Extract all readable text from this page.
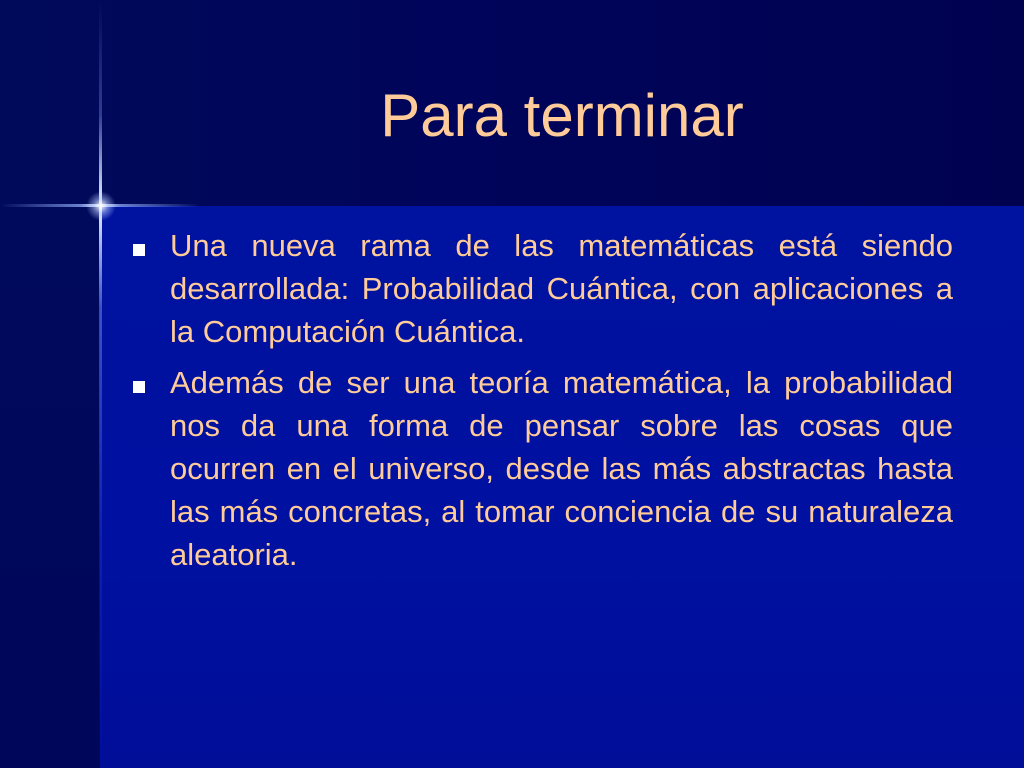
Para terminar
Una nueva rama de las matemáticas está siendo desarrollada: Probabilidad Cuántica, con aplicaciones a la Computación Cuántica.
Además de ser una teoría matemática, la probabilidad nos da una forma de pensar sobre las cosas que ocurren en el universo, desde las más abstractas hasta las más concretas, al tomar conciencia de su naturaleza aleatoria.
